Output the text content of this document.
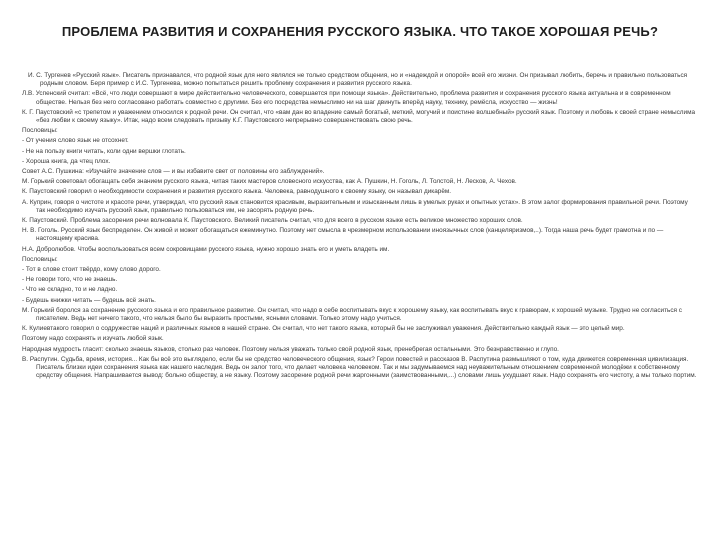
ПРОБЛЕМА РАЗВИТИЯ И СОХРАНЕНИЯ РУССКОГО ЯЗЫКА. ЧТО ТАКОЕ ХОРОШАЯ РЕЧЬ?

И. С. Тургенев «Русский язык». Писатель признавался, что родной язык для него являлся не только средством общения, но и «надеждой и опорой» всей его жизни. Он призывал любить, беречь и правильно пользоваться родным словом. Беря пример с И.С. Тургенева, можно попытаться решить проблему сохранения и развития русского языка.

Л.В. Успенский считал: «Всё, что люди совершают в мире действительно человеческого, совершается при помощи языка». Действительно, проблема развития и сохранения русского языка актуальна и в современном обществе. Нельзя без него согласовано работать совместно с другими. Без его посредства немыслимо ни на шаг двинуть вперёд науку, технику, ремёсла, искусство — жизнь!

К. Г. Паустовский «с трепетом и уважением относился к родной речи. Он считал, что «вам дан во владение самый богатый, меткий, могучий и поистине волшебный» русский язык. Поэтому и любовь к своей стране немыслима «без любви к своему языку». Итак, надо всем следовать призыву К.Г. Паустовского непрерывно совершенствовать свою речь.

Пословицы:

- От учения слово язык не отсохнет.

- Не на пользу книги читать, коли одни вершки глотать.

- Хороша книга, да чтец плох.

Совет А.С. Пушкина: «Изучайте значение слов — и вы избавите свет от половины его заблуждений».

М. Горький советовал обогащать себя знанием русского языка, читая таких мастеров словесного искусства, как А. Пушкин, Н. Гоголь, Л. Толстой, Н. Лесков, А. Чехов.

К. Паустовский говорил о необходимости сохранения и развития русского языка. Человека, равнодушного к своему языку, он называл дикарём.

А. Куприн, говоря о чистоте и красоте речи, утверждал, что русский язык становится красивым, выразительным и изысканным лишь в умелых руках и опытных устах». В этом залог формирования правильной речи. Поэтому так необходимо изучать русский язык, правильно пользоваться им, не засорять родную речь.

К. Паустовский. Проблема засорения речи волновала К. Паустовского. Великий писатель считал, что для всего в русском языке есть великое множество хороших слов.

Н. В. Гоголь. Русский язык беспределен. Он живой и может обогащаться ежеминутно. Поэтому нет смысла в чрезмерном использовании иноязычных слов (канцеляризмов,..). Тогда наша речь будет грамотна и по — настоящему красива.

Н.А. Добролюбов. Чтобы воспользоваться всем сокровищами русского языка, нужно хорошо знать его и уметь владеть им.

Пословицы:

- Тот в слове стоит твёрдо, кому слово дорого.

- Не говори того, что не знаешь.

- Что не складно, то и не ладно.

- Будешь книжки читать — будешь всё знать.

М. Горький боролся за сохранение русского языка и его правильное развитие. Он считал, что надо в себе воспитывать вкус к хорошему языку, как воспитывать вкус к гравюрам, к хорошей музыке. Трудно не согласиться с писателем. Ведь нет ничего такого, что нельзя было бы выразить простыми, ясными словами. Только этому надо учиться.

К. Кулиевтакого говорил о содружестве наций и различных языков в нашей стране. Он считал, что нет такого языка, который бы не заслуживал уважения. Действительно каждый язык — это целый мир.

Поэтому надо сохранять и изучать любой язык.

Народная мудрость гласит: сколько знаешь языков, столько раз человек. Поэтому нельзя уважать только свой родной язык, пренебрегая остальными. Это безнравственно и глупо.

В. Распутин. Судьба, время, история... Как бы всё это выглядело, если бы не средство человеческого общения, язык? Герои повестей и рассказов В. Распутина размышляют о том, куда движется современная цивилизация. Писатель близки идеи сохранения языка как нашего наследия. Ведь он залог того, что делает человека человеком. Так и мы задумываемся над неуважительным отношением современной молодёжи к собственному средству общения. Напрашивается вывод: больно обществу, а не языку. Поэтому засорение родной речи жаргонными (заимствованными,...) словами лишь ухудшает язык. Надо сохранять его чистоту, а мы только портим.
